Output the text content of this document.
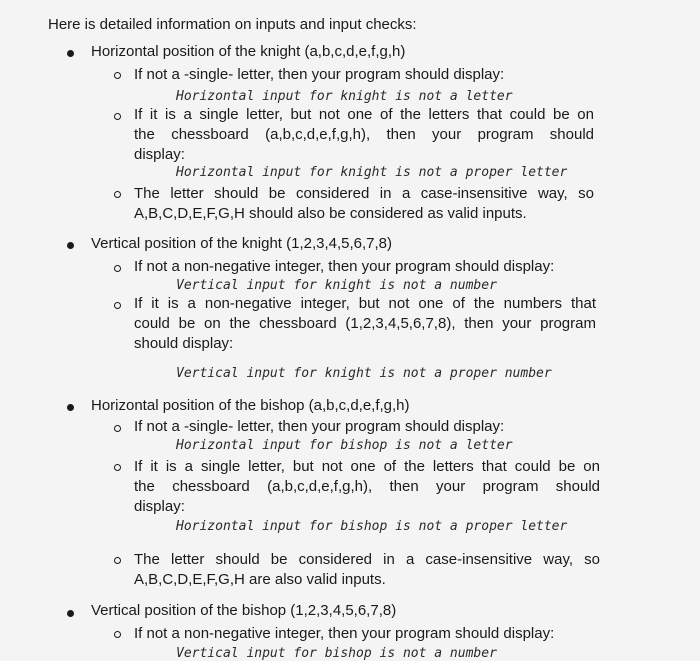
Here is detailed information on inputs and input checks:
Horizontal position of the knight (a,b,c,d,e,f,g,h)
If not a -single- letter, then your program should display:
Horizontal input for knight is not a letter
If it is a single letter, but not one of the letters that could be on
the chessboard (a,b,c,d,e,f,g,h), then your program should
display:
Horizontal input for knight is not a proper letter
The letter should be considered in a case-insensitive way, so
A,B,C,D,E,F,G,H should also be considered as valid inputs.
Vertical position of the knight (1,2,3,4,5,6,7,8)
If not a non-negative integer, then your program should display:
Vertical input for knight is not a number
If it is a non-negative integer, but not one of the numbers that
could be on the chessboard (1,2,3,4,5,6,7,8), then your program
should display:
Vertical input for knight is not a proper number
Horizontal position of the bishop (a,b,c,d,e,f,g,h)
If not a -single- letter, then your program should display:
Horizontal input for bishop is not a letter
If it is a single letter, but not one of the letters that could be on
the chessboard (a,b,c,d,e,f,g,h), then your program should
display:
Horizontal input for bishop is not a proper letter
The letter should be considered in a case-insensitive way, so
A,B,C,D,E,F,G,H are also valid inputs.
Vertical position of the bishop (1,2,3,4,5,6,7,8)
If not a non-negative integer, then your program should display:
Vertical input for bishop is not a number
